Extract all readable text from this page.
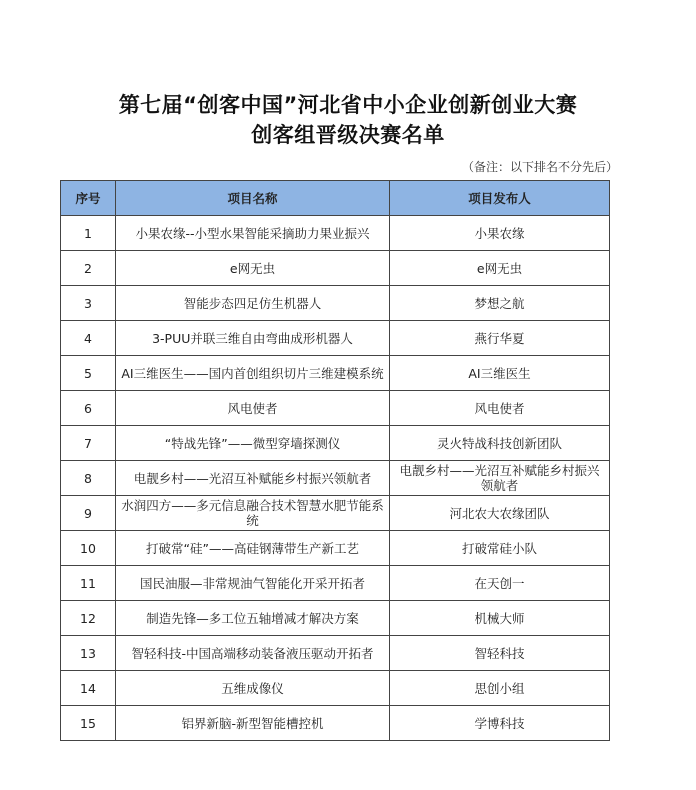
第七届“创客中国”河北省中小企业创新创业大赛
创客组晋级决赛名单
（备注：以下排名不分先后）
序号	项目名称	项目发布人
1	小果农缘--小型水果智能采摘助力果业振兴	小果农缘
2	e网无虫	e网无虫
3	智能步态四足仿生机器人	梦想之航
4	3-PUU并联三维自由弯曲成形机器人	燕行华夏
5	AI三维医生——国内首创组织切片三维建模系统	AI三维医生
6	风电使者	风电使者
7	“特战先锋”——微型穿墙探测仪	灵火特战科技创新团队
8	电靓乡村——光沼互补赋能乡村振兴领航者	电靓乡村——光沼互补赋能乡村振兴领航者
9	水润四方——多元信息融合技术智慧水肥节能系统	河北农大农缘团队
10	打破常“硅”——高硅钢薄带生产新工艺	打破常硅小队
11	国民油服—非常规油气智能化开采开拓者	在天创一
12	制造先锋—多工位五轴增减才解决方案	机械大师
13	智轻科技-中国高端移动装备液压驱动开拓者	智轻科技
14	五维成像仪	思创小组
15	铝界新脑-新型智能槽控机	学博科技
